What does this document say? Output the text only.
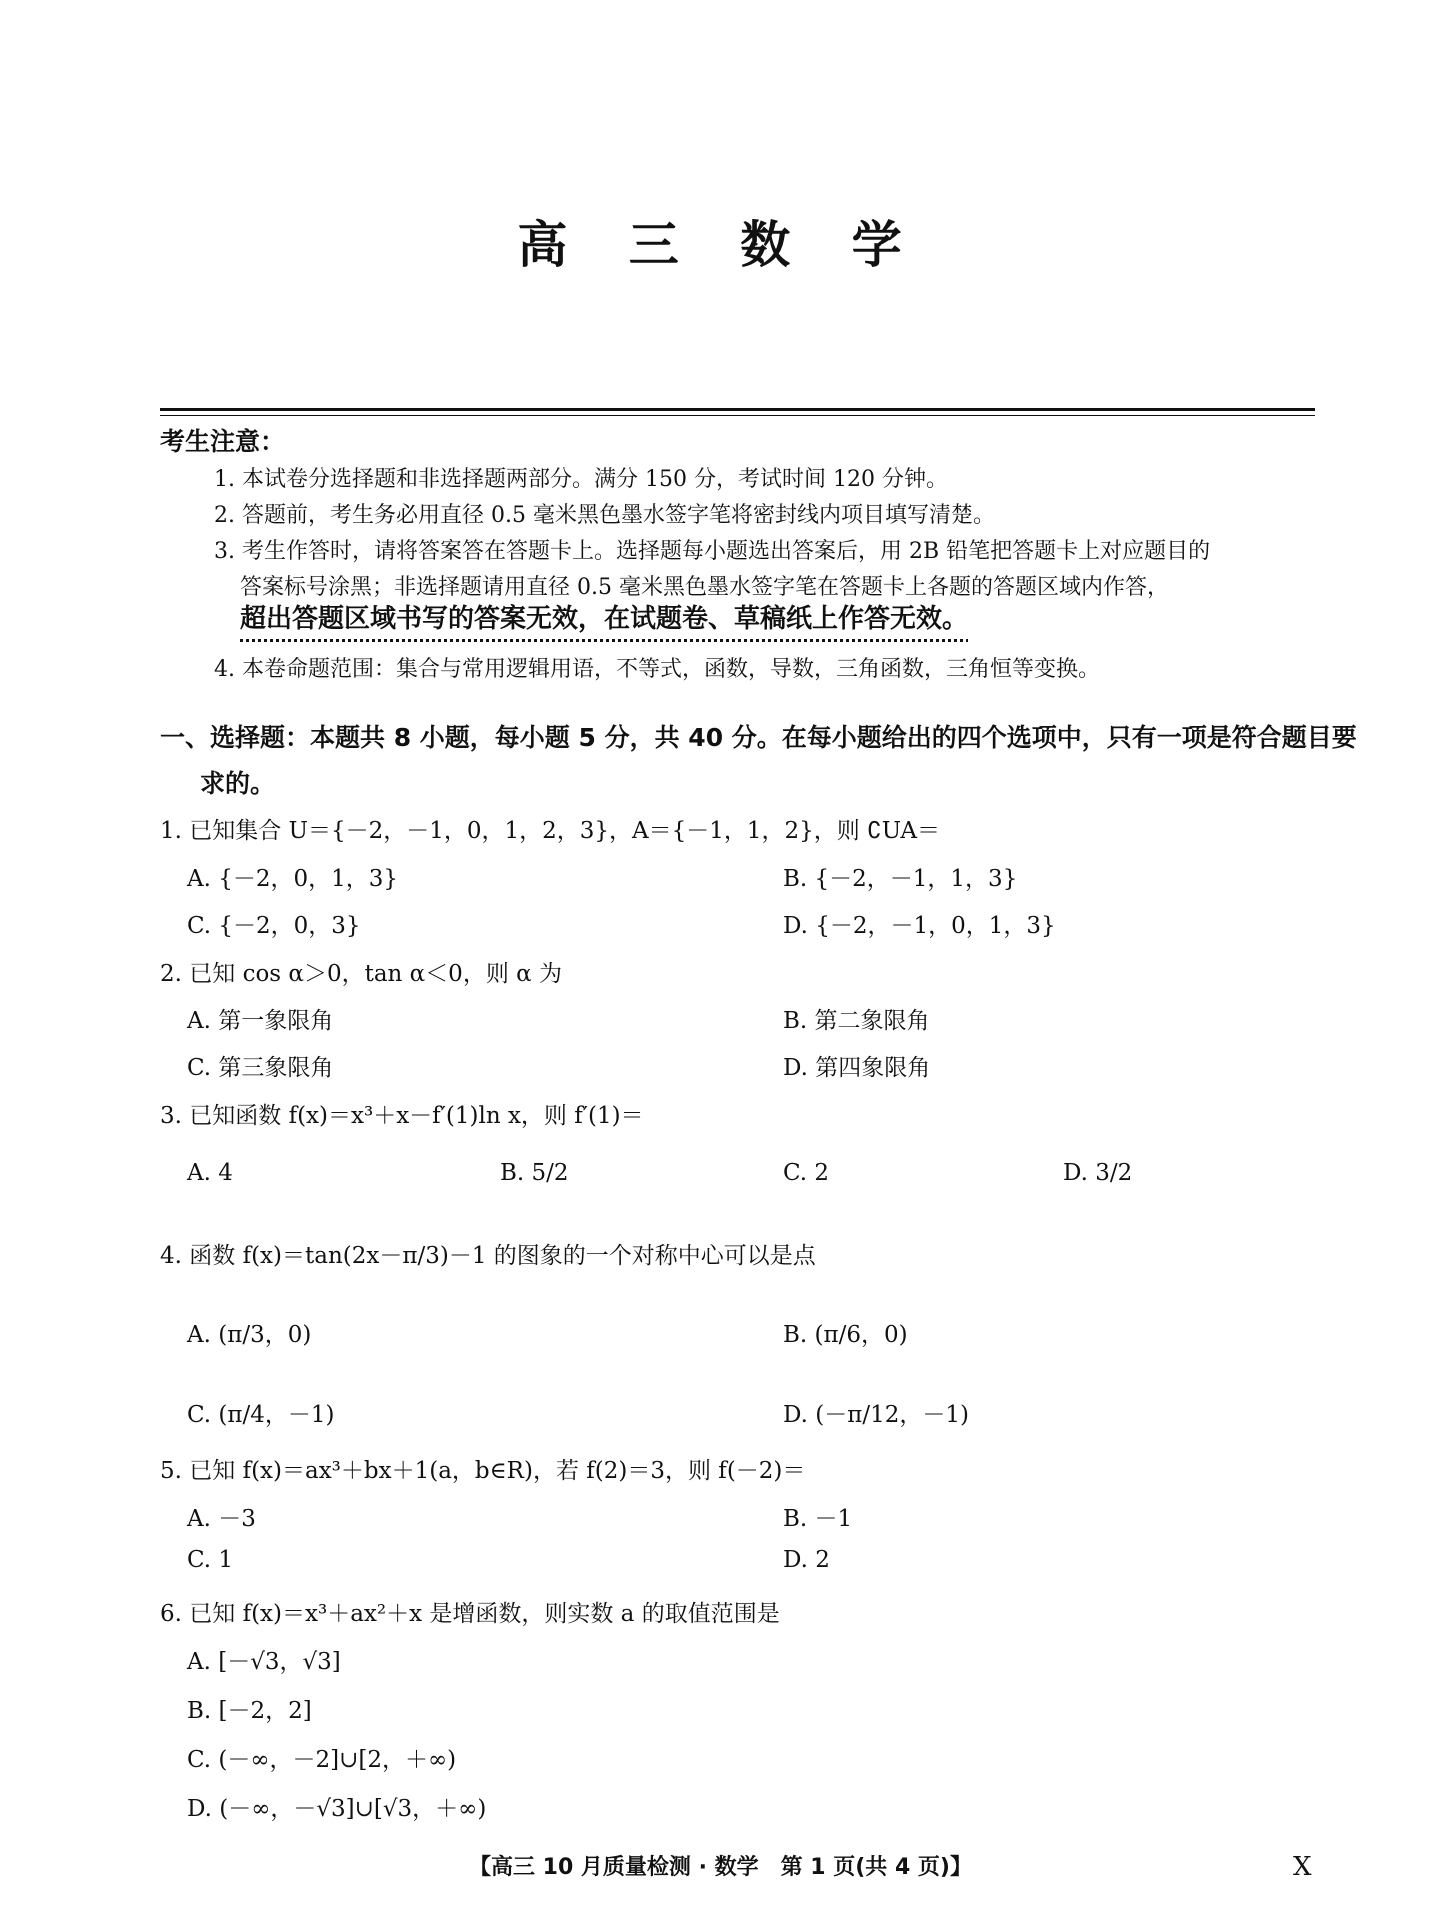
高 三 数 学
考生注意：
1. 本试卷分选择题和非选择题两部分。满分 150 分，考试时间 120 分钟。
2. 答题前，考生务必用直径 0.5 毫米黑色墨水签字笔将密封线内项目填写清楚。
3. 考生作答时，请将答案答在答题卡上。选择题每小题选出答案后，用 2B 铅笔把答题卡上对应题目的
答案标号涂黑；非选择题请用直径 0.5 毫米黑色墨水签字笔在答题卡上各题的答题区域内作答，
超出答题区域书写的答案无效，在试题卷、草稿纸上作答无效。
4. 本卷命题范围：集合与常用逻辑用语，不等式，函数，导数，三角函数，三角恒等变换。
一、选择题：本题共 8 小题，每小题 5 分，共 40 分。在每小题给出的四个选项中，只有一项是符合题目要
求的。
1. 已知集合 U＝{－2，－1，0，1，2，3}，A＝{－1，1，2}，则 ∁UA＝
A. {－2，0，1，3}	B. {－2，－1，1，3}
C. {－2，0，3}	D. {－2，－1，0，1，3}
2. 已知 cos α＞0，tan α＜0，则 α 为
A. 第一象限角	B. 第二象限角
C. 第三象限角	D. 第四象限角
3. 已知函数 f(x)＝x³＋x－f′(1)ln x，则 f′(1)＝
A. 4	B. 5/2	C. 2	D. 3/2
4. 函数 f(x)＝tan(2x－π/3)－1 的图象的一个对称中心可以是点
A. (π/3，0)	B. (π/6，0)
C. (π/4，－1)	D. (－π/12，－1)
5. 已知 f(x)＝ax³＋bx＋1(a，b∈R)，若 f(2)＝3，则 f(－2)＝
A. －3	B. －1
C. 1	D. 2
6. 已知 f(x)＝x³＋ax²＋x 是增函数，则实数 a 的取值范围是
A. [－√3，√3]
B. [－2，2]
C. (－∞，－2]∪[2，＋∞)
D. (－∞，－√3]∪[√3，＋∞)
【高三 10 月质量检测 · 数学　第 1 页(共 4 页)】	X
